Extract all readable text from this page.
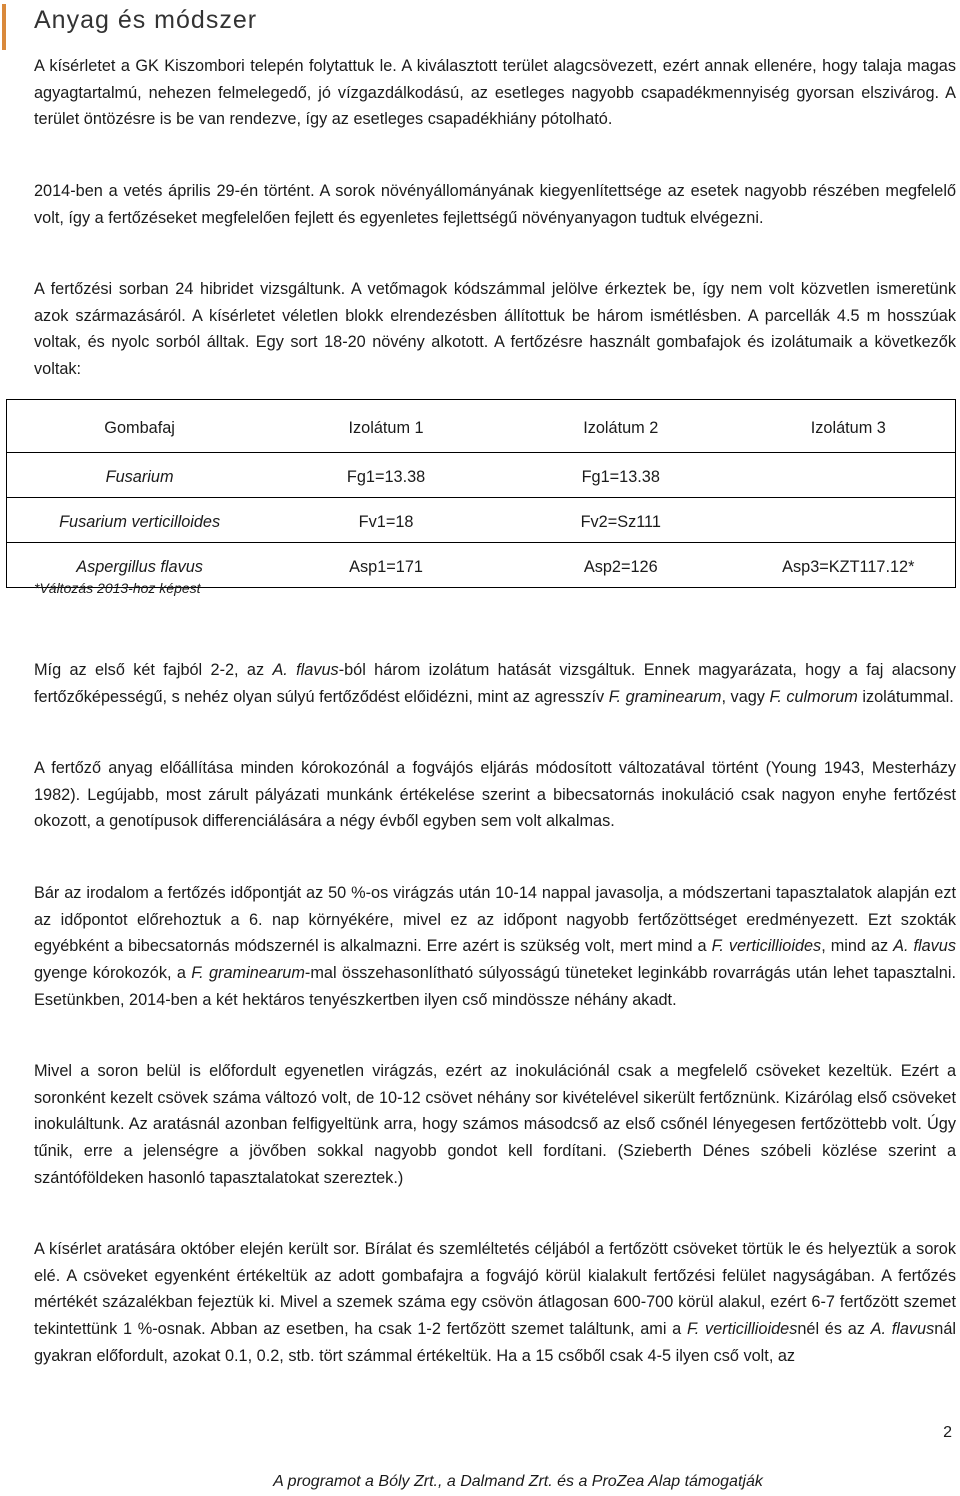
Anyag és módszer

A kísérletet a GK Kiszombori telepén folytattuk le. A kiválasztott terület alagcsövezett, ezért annak ellenére, hogy talaja magas agyagtartalmú, nehezen felmelegedő, jó vízgazdálkodású, az esetleges nagyobb csapadékmennyiség gyorsan elszivárog. A terület öntözésre is be van rendezve, így az esetleges csapadékhiány pótolható.

2014-ben a vetés április 29-én történt. A sorok növényállományának kiegyenlítettsége az esetek nagyobb részében megfelelő volt, így a fertőzéseket megfelelően fejlett és egyenletes fejlettségű növényanyagon tudtuk elvégezni.

A fertőzési sorban 24 hibridet vizsgáltunk. A vetőmagok kódszámmal jelölve érkeztek be, így nem volt közvetlen ismeretünk azok származásáról. A kísérletet véletlen blokk elrendezésben állítottuk be három ismétlésben. A parcellák 4.5 m hosszúak voltak, és nyolc sorból álltak. Egy sort 18-20 növény alkotott. A fertőzésre használt gombafajok és izolátumaik a következők voltak:

Gombafaj	Izolátum 1	Izolátum 2	Izolátum 3
Fusarium	Fg1=13.38	Fg1=13.38	
Fusarium verticilloides	Fv1=18	Fv2=Sz111	
Aspergillus flavus	Asp1=171	Asp2=126	Asp3=KZT117.12*

*Változás 2013-hoz képest

Míg az első két fajból 2-2, az A. flavus-ból három izolátum hatását vizsgáltuk. Ennek magyarázata, hogy a faj alacsony fertőzőképességű, s nehéz olyan súlyú fertőződést előidézni, mint az agresszív F. graminearum, vagy F. culmorum izolátummal.

A fertőző anyag előállítása minden kórokozónál a fogvájós eljárás módosított változatával történt (Young 1943, Mesterházy 1982). Legújabb, most zárult pályázati munkánk értékelése szerint a bibecsatornás inokuláció csak nagyon enyhe fertőzést okozott, a genotípusok differenciálására a négy évből egyben sem volt alkalmas.

Bár az irodalom a fertőzés időpontját az 50 %-os virágzás után 10-14 nappal javasolja, a módszertani tapasztalatok alapján ezt az időpontot előrehoztuk a 6. nap környékére, mivel ez az időpont nagyobb fertőzöttséget eredményezett. Ezt szokták egyébként a bibecsatornás módszernél is alkalmazni. Erre azért is szükség volt, mert mind a F. verticillioides, mind az A. flavus gyenge kórokozók, a F. graminearum-mal összehasonlítható súlyosságú tüneteket leginkább rovarrágás után lehet tapasztalni. Esetünkben, 2014-ben a két hektáros tenyészkertben ilyen cső mindössze néhány akadt.

Mivel a soron belül is előfordult egyenetlen virágzás, ezért az inokulációnál csak a megfelelő csöveket kezeltük. Ezért a soronként kezelt csövek száma változó volt, de 10-12 csövet néhány sor kivételével sikerült fertőznünk. Kizárólag első csöveket inokuláltunk. Az aratásnál azonban felfigyeltünk arra, hogy számos másodcső az első csőnél lényegesen fertőzöttebb volt. Úgy tűnik, erre a jelenségre a jövőben sokkal nagyobb gondot kell fordítani. (Szieberth Dénes szóbeli közlése szerint a szántóföldeken hasonló tapasztalatokat szereztek.)

A kísérlet aratására október elején került sor. Bírálat és szemléltetés céljából a fertőzött csöveket törtük le és helyeztük a sorok elé. A csöveket egyenként értékeltük az adott gombafajra a fogvájó körül kialakult fertőzési felület nagyságában. A fertőzés mértékét százalékban fejeztük ki. Mivel a szemek száma egy csövön átlagosan 600-700 körül alakul, ezért 6-7 fertőzött szemet tekintettünk 1 %-osnak. Abban az esetben, ha csak 1-2 fertőzött szemet találtunk, ami a F. verticillioidesnél és az A. flavusnál gyakran előfordult, azokat 0.1, 0.2, stb. tört számmal értékeltük. Ha a 15 csőből csak 4-5 ilyen cső volt, az

2

A programot a Bóly Zrt., a Dalmand Zrt. és a ProZea Alap támogatják
